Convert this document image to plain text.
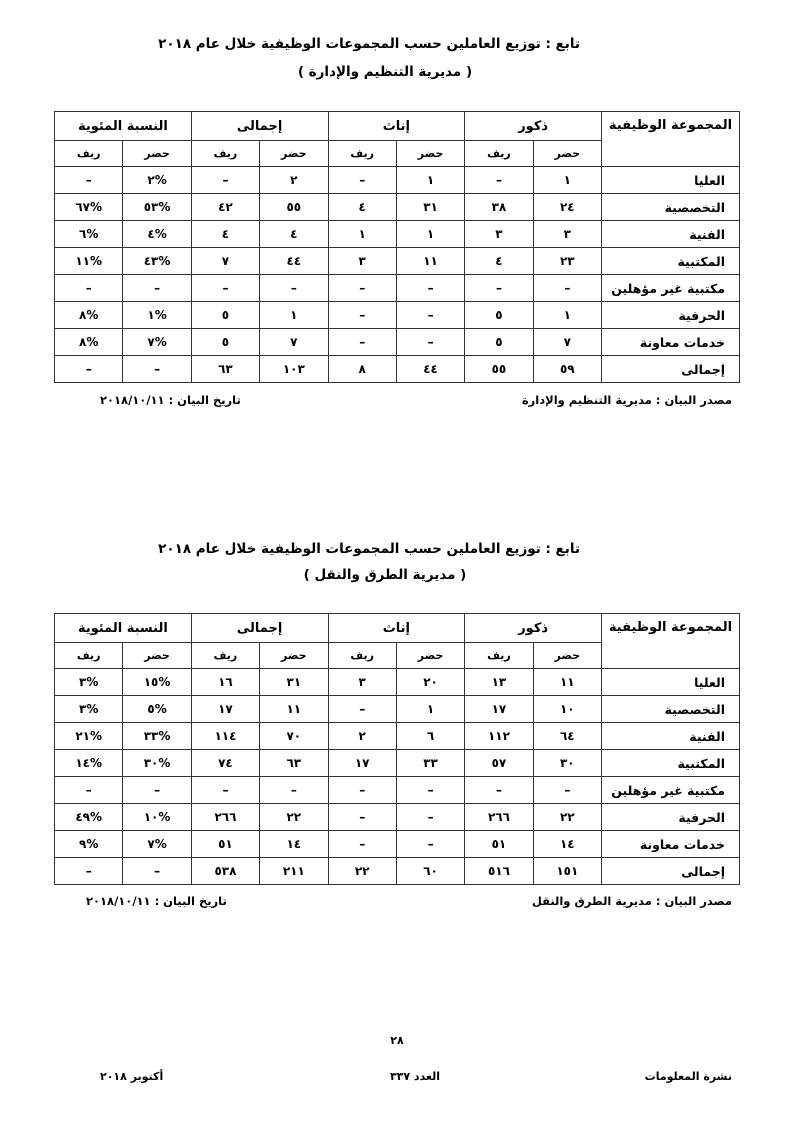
تابع : توزيع العاملين حسب المجموعات الوظيفية خلال عام ٢٠١٨
( مديرية التنظيم والإدارة )
المجموعة الوظيفية	ذكور		إناث		إجمالى		النسبة المئوية	
	حضر	ريف	حضر	ريف	حضر	ريف	حضر	ريف
العليا	١	–	١	–	٢	–	%٢	–
التخصصية	٢٤	٣٨	٣١	٤	٥٥	٤٢	%٥٣	%٦٧
الفنية	٣	٣	١	١	٤	٤	%٤	%٦
المكتبية	٢٣	٤	١١	٣	٤٤	٧	%٤٣	%١١
مكتبية غير مؤهلين	–	–	–	–	–	–	–	–
الحرفية	١	٥	–	–	١	٥	%١	%٨
خدمات معاونة	٧	٥	–	–	٧	٥	%٧	%٨
إجمالى	٥٩	٥٥	٤٤	٨	١٠٣	٦٣	–	–
مصدر البيان : مديرية التنظيم والإدارة
تاريخ البيان : ٢٠١٨/١٠/١١
تابع : توزيع العاملين حسب المجموعات الوظيفية خلال عام ٢٠١٨
( مديرية الطرق والنقل )
المجموعة الوظيفية	ذكور		إناث		إجمالى		النسبة المئوية	
	حضر	ريف	حضر	ريف	حضر	ريف	حضر	ريف
العليا	١١	١٣	٢٠	٣	٣١	١٦	%١٥	%٣
التخصصية	١٠	١٧	١	–	١١	١٧	%٥	%٣
الفنية	٦٤	١١٢	٦	٢	٧٠	١١٤	%٣٣	%٢١
المكتبية	٣٠	٥٧	٣٣	١٧	٦٣	٧٤	%٣٠	%١٤
مكتبية غير مؤهلين	–	–	–	–	–	–	–	–
الحرفية	٢٢	٢٦٦	–	–	٢٢	٢٦٦	%١٠	%٤٩
خدمات معاونة	١٤	٥١	–	–	١٤	٥١	%٧	%٩
إجمالى	١٥١	٥١٦	٦٠	٢٢	٢١١	٥٣٨	–	–
مصدر البيان : مديرية الطرق والنقل
تاريخ البيان : ٢٠١٨/١٠/١١
٢٨
نشرة المعلومات
العدد ٣٣٧
أكتوبر ٢٠١٨
